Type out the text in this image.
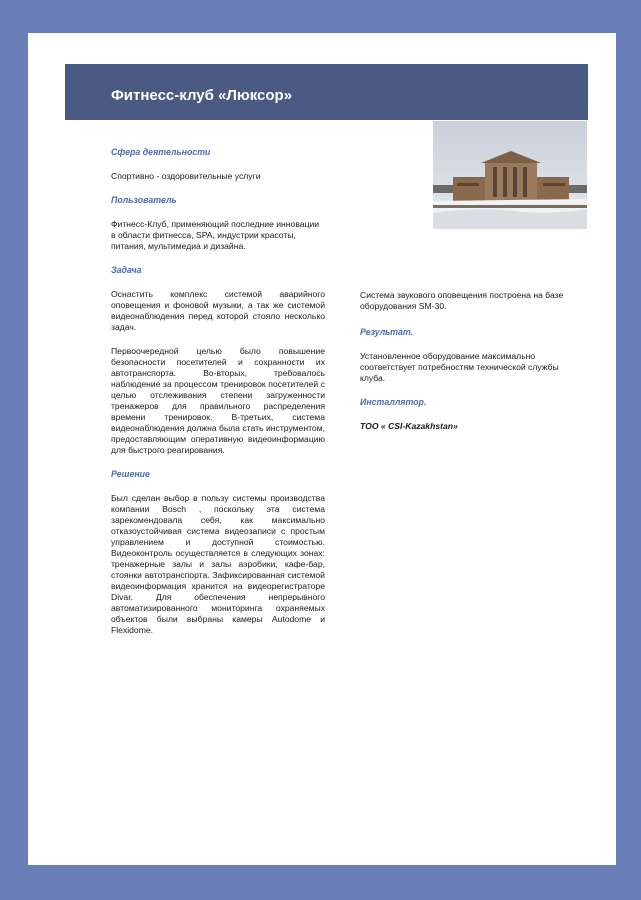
Фитнесс-клуб «Люксор»
Сфера деятельности
Спортивно - оздоровительные услуги
Пользователь
Фитнесс-Клуб, применяющий последние инновации в области фитнесса, SPA, индустрии красоты, питания, мультимедиа и дизайна.
Задача
Оснастить комплекс системой аварийного оповещения и фоновой музыки, а так же системой видеонаблюдения перед которой стояло несколько задач.
Первоочередной целью было повышение безопасности посетителей и сохранности их автотранспорта. Во-вторых, требовалось наблюдение за процессом тренировок посетителей с целью отслеживания степени загруженности тренажеров для правильного распределения времени тренировок. В-третьих, система видеонаблюдения должна была стать инструментом, предоставляющим оперативную видеоинформацию для быстрого реагирования.
Решение
Был сделан выбор в пользу системы производства компании Bosch , поскольку эта система зарекомендовала себя, как максимально отказоустойчивая система видеозаписи с простым управлением и доступной стоимостью. Видеоконтроль осуществляется в следующих зонах: тренажерные залы и залы аэробики, кафе-бар, стоянки автотранспорта. Зафиксированная системой видеоинформация хранится на видеорегистраторе Divar. Для обеспечения непрерывного автоматизированного мониторинга охраняемых объектов были выбраны камеры Autodome и Flexidome.
Система звукового оповещения построена на базе оборудования SM-30.
Результат.
Установленное оборудование максимально соответствует потребностям технической службы клуба.
Инсталлятор.
ТОО « CSI-Kazakhstan»
